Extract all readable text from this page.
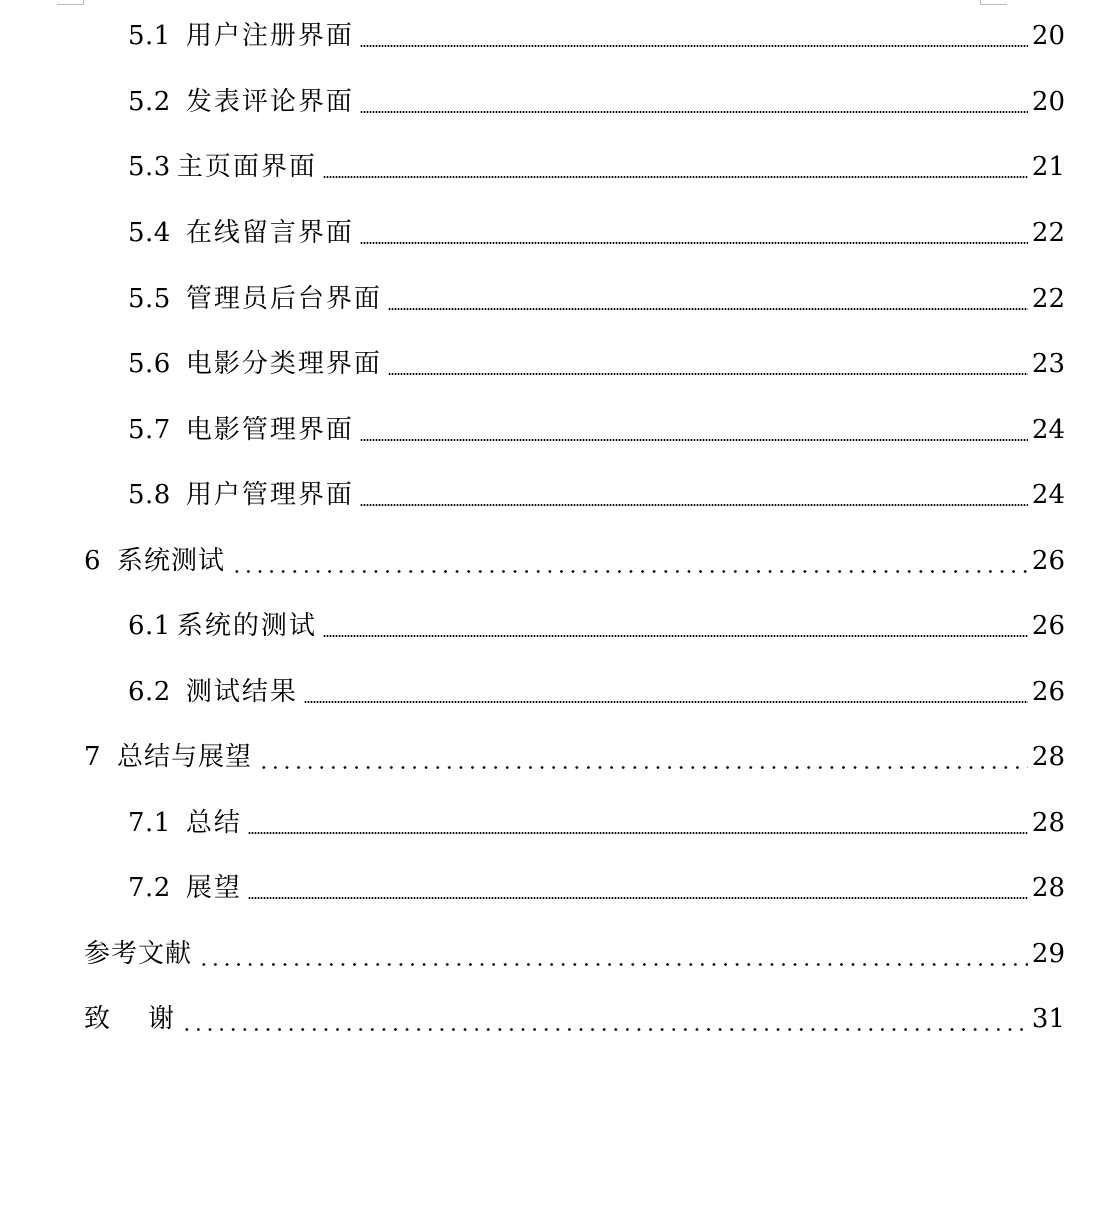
5.1 用户注册界面	20
5.2 发表评论界面	20
5.3 主页面界面	21
5.4 在线留言界面	22
5.5 管理员后台界面	22
5.6 电影分类理界面	23
5.7 电影管理界面	24
5.8 用户管理界面	24
6 系统测试	26
6.1 系统的测试	26
6.2 测试结果	26
7 总结与展望	28
7.1 总结	28
7.2 展望	28
参考文献	29
致    谢	31
